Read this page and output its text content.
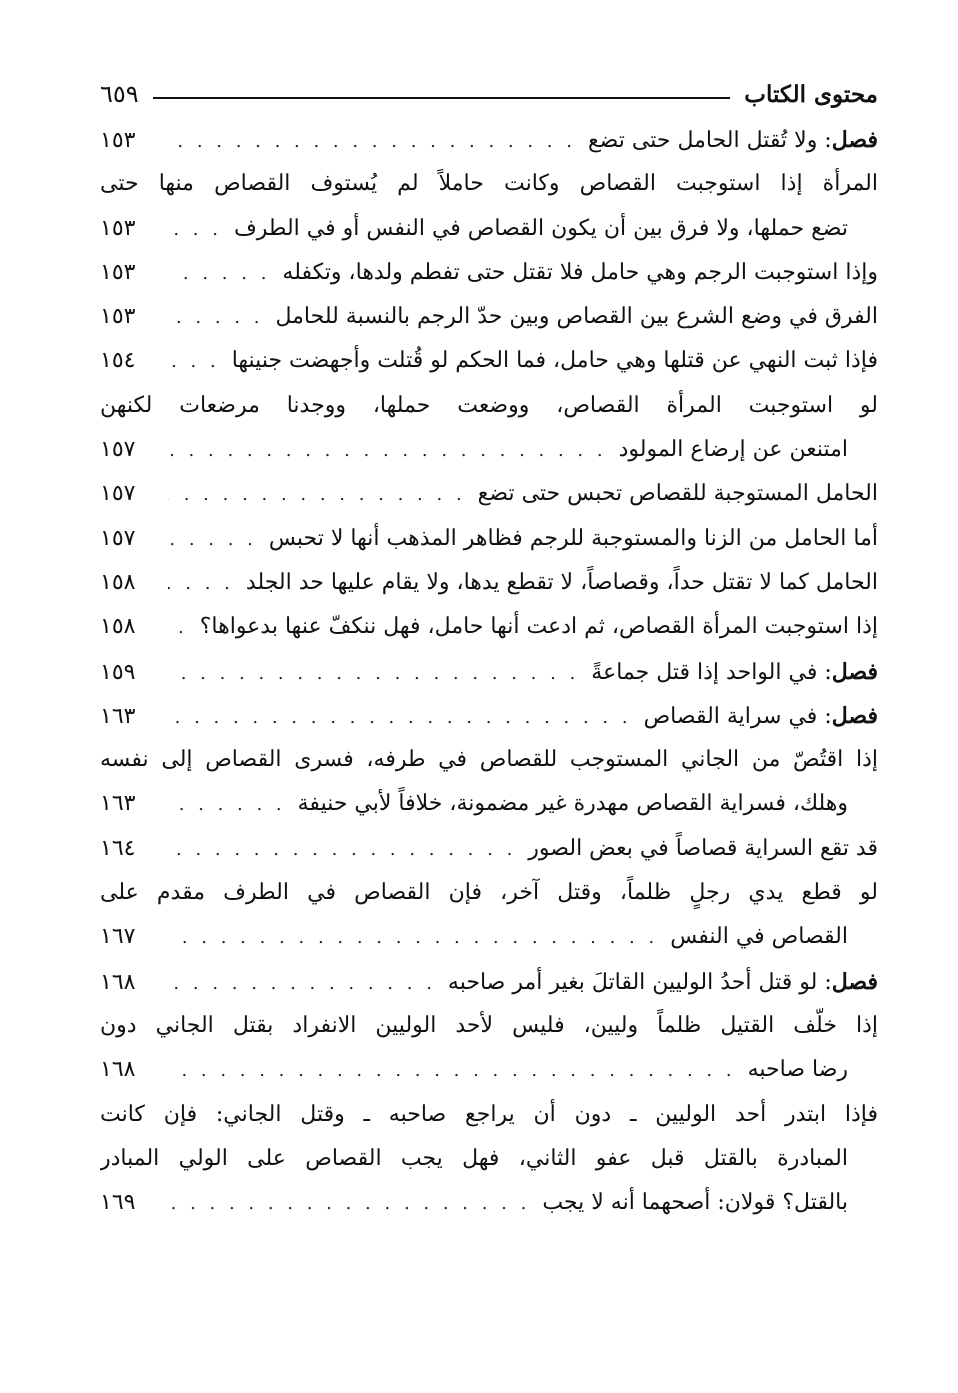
محتوى الكتاب
٦٥٩
فصل: ولا تُقتل الحامل حتى تضع
. . .
١٥٣
المرأة إذا استوجبت القصاص وكانت حاملاً لم يُستوف القصاص منها حتى
تضع حملها، ولا فرق بين أن يكون القصاص في النفس أو في الطرف
. . .
١٥٣
وإذا استوجبت الرجم وهي حامل فلا تقتل حتى تفطم ولدها، وتكفله
. . .
١٥٣
الفرق في وضع الشرع بين القصاص وبين حدّ الرجم بالنسبة للحامل
. . .
١٥٣
فإذا ثبت النهي عن قتلها وهي حامل، فما الحكم لو قُتلت وأجهضت جنينها
. . .
١٥٤
لو استوجبت المرأة القصاص، ووضعت حملها، ووجدنا مرضعات لكنهن
امتنعن عن إرضاع المولود
. . .
١٥٧
الحامل المستوجبة للقصاص تحبس حتى تضع
. . .
١٥٧
أما الحامل من الزنا والمستوجبة للرجم فظاهر المذهب أنها لا تحبس
. . .
١٥٧
الحامل كما لا تقتل حداً، وقصاصاً، لا تقطع يدها، ولا يقام عليها حد الجلد
. . .
١٥٨
إذا استوجبت المرأة القصاص، ثم ادعت أنها حامل، فهل ننكفّ عنها بدعواها؟
. . .
١٥٨
فصل: في الواحد إذا قتل جماعةً
. . .
١٥٩
فصل: في سراية القصاص
. . .
١٦٣
إذا اقتُصّ من الجاني المستوجب للقصاص في طرفه، فسرى القصاص إلى نفسه
وهلك، فسراية القصاص مهدرة غير مضمونة، خلافاً لأبي حنيفة
. . .
١٦٣
قد تقع السراية قصاصاً في بعض الصور
. . .
١٦٤
لو قطع يدي رجلٍ ظلماً، وقتل آخر، فإن القصاص في الطرف مقدم على
القصاص في النفس
. . .
١٦٧
فصل: لو قتل أحدُ الوليين القاتلَ بغير أمر صاحبه
. . .
١٦٨
إذا خلّف القتيل ظلماً وليين، فليس لأحد الوليين الانفراد بقتل الجاني دون
رضا صاحبه
. . .
١٦٨
فإذا ابتدر أحد الوليين ـ دون أن يراجع صاحبه ـ وقتل الجاني: فإن كانت
المبادرة بالقتل قبل عفو الثاني، فهل يجب القصاص على الولي المبادر
بالقتل؟ قولان: أصحهما أنه لا يجب
. . .
١٦٩
